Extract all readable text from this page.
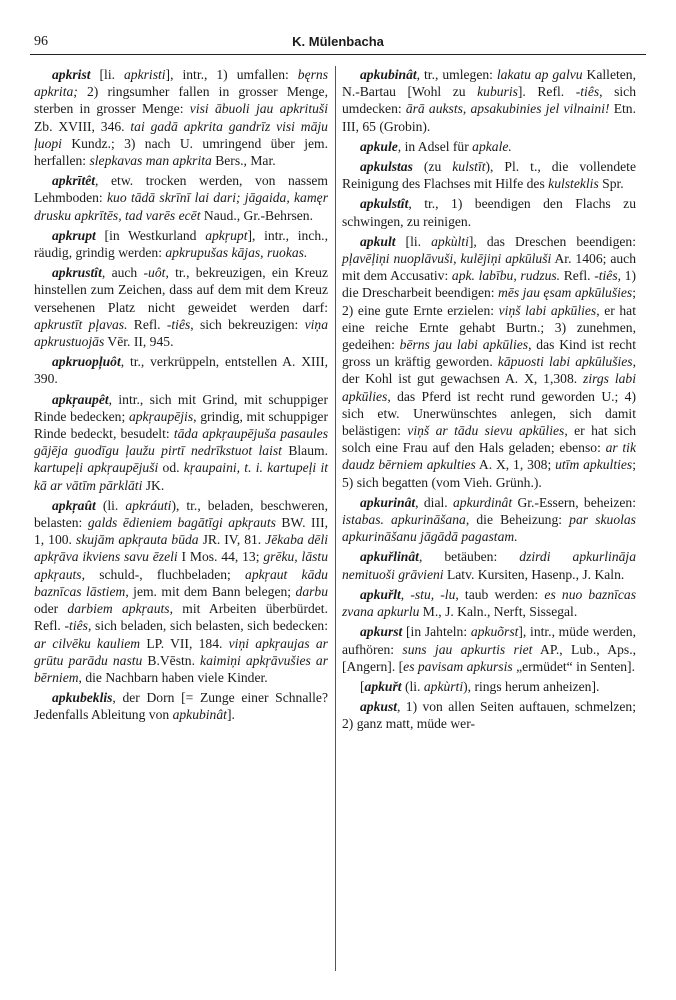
96	K. Mülenbacha

apkrist [li. apkristi], intr., 1) umfallen: bęrns apkrita; 2) ringsumher fallen in grosser Menge, sterben in grosser Menge: visi ābuoli jau apkrituši Zb. XVIII, 346. tai gadā apkrita gandrīz visi māju ļuopi Kundz.; 3) nach U. umringend über jem. herfallen: slepkavas man apkrita Bers., Mar.

apkrītêt, etw. trocken werden, von nassem Lehmboden: kuo tādā skrīnī lai dari; jāgaida, kamęr drusku apkrītēs, tad varēs ecēt Naud., Gr.-Behrsen.

apkrupt [in Westkurland apkŗupt], intr., inch., räudig, grindig werden: apkrupušas kājas, ruokas.

apkrustît, auch -uôt, tr., bekreuzigen, ein Kreuz hinstellen zum Zeichen, dass auf dem mit dem Kreuz versehenen Platz nicht geweidet werden darf: apkrustīt pļavas. Refl. -tiês, sich bekreuzigen: viņa apkrustuojās Vēr. II, 945.

apkruopļuôt, tr., verkrüppeln, entstellen A. XIII, 390.

apkŗaupêt, intr., sich mit Grind, mit schuppiger Rinde bedecken; apkŗaupējis, grindig, mit schuppiger Rinde bedeckt, besudelt: tāda apkŗaupējuša pasaules gājēja guodīgu ļaužu pirtī nedrīkstuot laist Blaum. kartupeļi apkŗaupējuši od. kŗaupaini, t. i. kartupeļi it kā ar vātīm pārklāti JK.

apkŗaût (li. apkráuti), tr., beladen, beschweren, belasten: galds ēdieniem bagātīgi apkŗauts BW. III, 1, 100. skujām apkŗauta būda JR. IV, 81. Jēkaba dēli apkŗāva ikviens savu ēzeli I Mos. 44, 13; grēku, lāstu apkŗauts, schuld-, fluchbeladen; apkŗaut kādu baznīcas lāstiem, jem. mit dem Bann belegen; darbu oder darbiem apkŗauts, mit Arbeiten überbürdet. Refl. -tiês, sich beladen, sich belasten, sich bedecken: ar cilvēku kauliem LP. VII, 184. viņi apkŗaujas ar grūtu parādu nastu B.Vēstn. kaimiņi apkŗāvušies ar bērniem, die Nachbarn haben viele Kinder.

apkubeklis, der Dorn [= Zunge einer Schnalle? Jedenfalls Ableitung von apkubinât].

apkubinât, tr., umlegen: lakatu ap galvu Kalleten, N.-Bartau [Wohl zu kuburis]. Refl. -tiês, sich umdecken: ārā auksts, apsakubinies jel vilnaini! Etn. III, 65 (Grobin).

apkule, in Adsel für apkale.

apkulstas (zu kulstīt), Pl. t., die vollendete Reinigung des Flachses mit Hilfe des kulsteklis Spr.

apkulstît, tr., 1) beendigen den Flachs zu schwingen, zu reinigen.

apkult [li. apkùlti], das Dreschen beendigen: pļavēļiņi nuoplāvuši, kulējiņi apkūluši Ar. 1406; auch mit dem Accusativ: apk. labību, rudzus. Refl. -tiês, 1) die Drescharbeit beendigen: mēs jau ęsam apkūlušies; 2) eine gute Ernte erzielen: viņš labi apkūlies, er hat eine reiche Ernte gehabt Burtn.; 3) zunehmen, gedeihen: bērns jau labi apkūlies, das Kind ist recht gross un kräftig geworden. kāpuosti labi apkūlušies, der Kohl ist gut gewachsen A. X, 1,308. zirgs labi apkūlies, das Pferd ist recht rund geworden U.; 4) sich etw. Unerwünschtes anlegen, sich damit belästigen: viņš ar tādu sievu apkūlies, er hat sich solch eine Frau auf den Hals geladen; ebenso: ar tik daudz bērniem apkulties A. X, 1, 308; utīm apkulties; 5) sich begatten (vom Vieh. Grünh.).

apkurinât, dial. apkurdinât Gr.-Essern, beheizen: istabas. apkurināšana, die Beheizung: par skuolas apkurināšanu jāgādā pagastam.

apkuřlinât, betäuben: dzirdi apkurlināja nemituoši grāvieni Latv. Kursiten, Hasenp., J. Kaln.

apkuřlt, -stu, -lu, taub werden: es nuo baznīcas zvana apkurlu M., J. Kaln., Nerft, Sissegal.

apkurst [in Jahteln: apkuõrst], intr., müde werden, aufhören: suns jau apkurtis riet AP., Lub., Aps., [Angern]. [es pavisam apkursis „ermüdet“ in Senten].

[apkuřt (li. apkùrti), rings herum anheizen].

apkust, 1) von allen Seiten auftauen, schmelzen; 2) ganz matt, müde wer-
